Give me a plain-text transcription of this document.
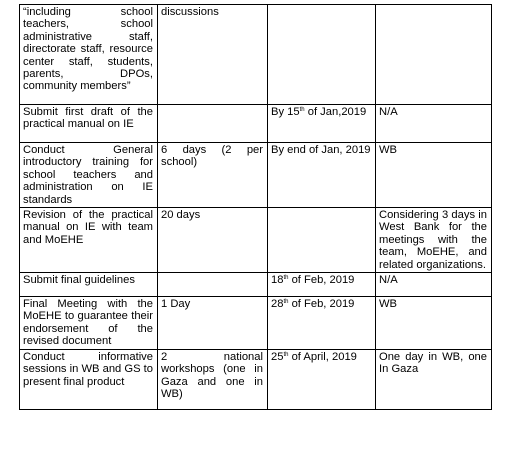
“including school teachers, school administrative staff, directorate staff, resource center staff, students, parents, DPOs, community members”	discussions		
Submit first draft of the practical manual on IE		By 15th of Jan,2019	N/A
Conduct General introductory training for school teachers and administration on IE standards	6 days (2 per school)	By end of Jan, 2019	WB
Revision of the practical manual on IE with team and MoEHE	20 days		Considering 3 days in West Bank for the meetings with the team, MoEHE, and related organizations.
Submit final guidelines		18th of Feb, 2019	N/A
Final Meeting with the MoEHE to guarantee their endorsement of the revised document	1 Day	28th of Feb, 2019	WB
Conduct informative sessions in WB and GS to present final product	2 national workshops (one in Gaza and one in WB)	25th of April, 2019	One day in WB, one In Gaza
